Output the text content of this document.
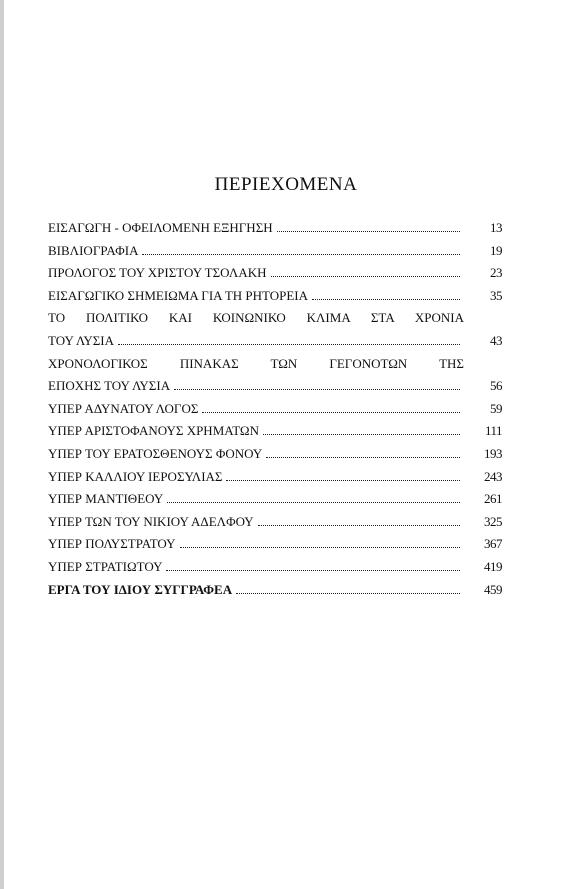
ΠΕΡΙΕΧΟΜΕΝΑ
ΕΙΣΑΓΩΓΗ - ΟΦΕΙΛΟΜΕΝΗ ΕΞΗΓΗΣΗ	13
ΒΙΒΛΙΟΓΡΑΦΙΑ	19
ΠΡΟΛΟΓΟΣ ΤΟΥ ΧΡΙΣΤΟΥ ΤΣΟΛΑΚΗ	23
ΕΙΣΑΓΩΓΙΚΟ ΣΗΜΕΙΩΜΑ ΓΙΑ ΤΗ ΡΗΤΟΡΕΙΑ	35
ΤΟ ΠΟΛΙΤΙΚΟ ΚΑΙ ΚΟΙΝΩΝΙΚΟ ΚΛΙΜΑ ΣΤΑ ΧΡΟΝΙΑ
ΤΟΥ ΛΥΣΙΑ	43
ΧΡΟΝΟΛΟΓΙΚΟΣ ΠΙΝΑΚΑΣ ΤΩΝ ΓΕΓΟΝΟΤΩΝ ΤΗΣ
ΕΠΟΧΗΣ ΤΟΥ ΛΥΣΙΑ	56
ΥΠΕΡ ΑΔΥΝΑΤΟΥ ΛΟΓΟΣ	59
ΥΠΕΡ ΑΡΙΣΤΟΦΑΝΟΥΣ ΧΡΗΜΑΤΩΝ	111
ΥΠΕΡ ΤΟΥ ΕΡΑΤΟΣΘΕΝΟΥΣ ΦΟΝΟΥ	193
ΥΠΕΡ ΚΑΛΛΙΟΥ ΙΕΡΟΣΥΛΙΑΣ	243
ΥΠΕΡ ΜΑΝΤΙΘΕΟΥ	261
ΥΠΕΡ ΤΩΝ ΤΟΥ ΝΙΚΙΟΥ ΑΔΕΛΦΟΥ	325
ΥΠΕΡ ΠΟΛΥΣΤΡΑΤΟΥ	367
ΥΠΕΡ ΣΤΡΑΤΙΩΤΟΥ	419
ΕΡΓΑ ΤΟΥ ΙΔΙΟΥ ΣΥΓΓΡΑΦΕΑ	459
